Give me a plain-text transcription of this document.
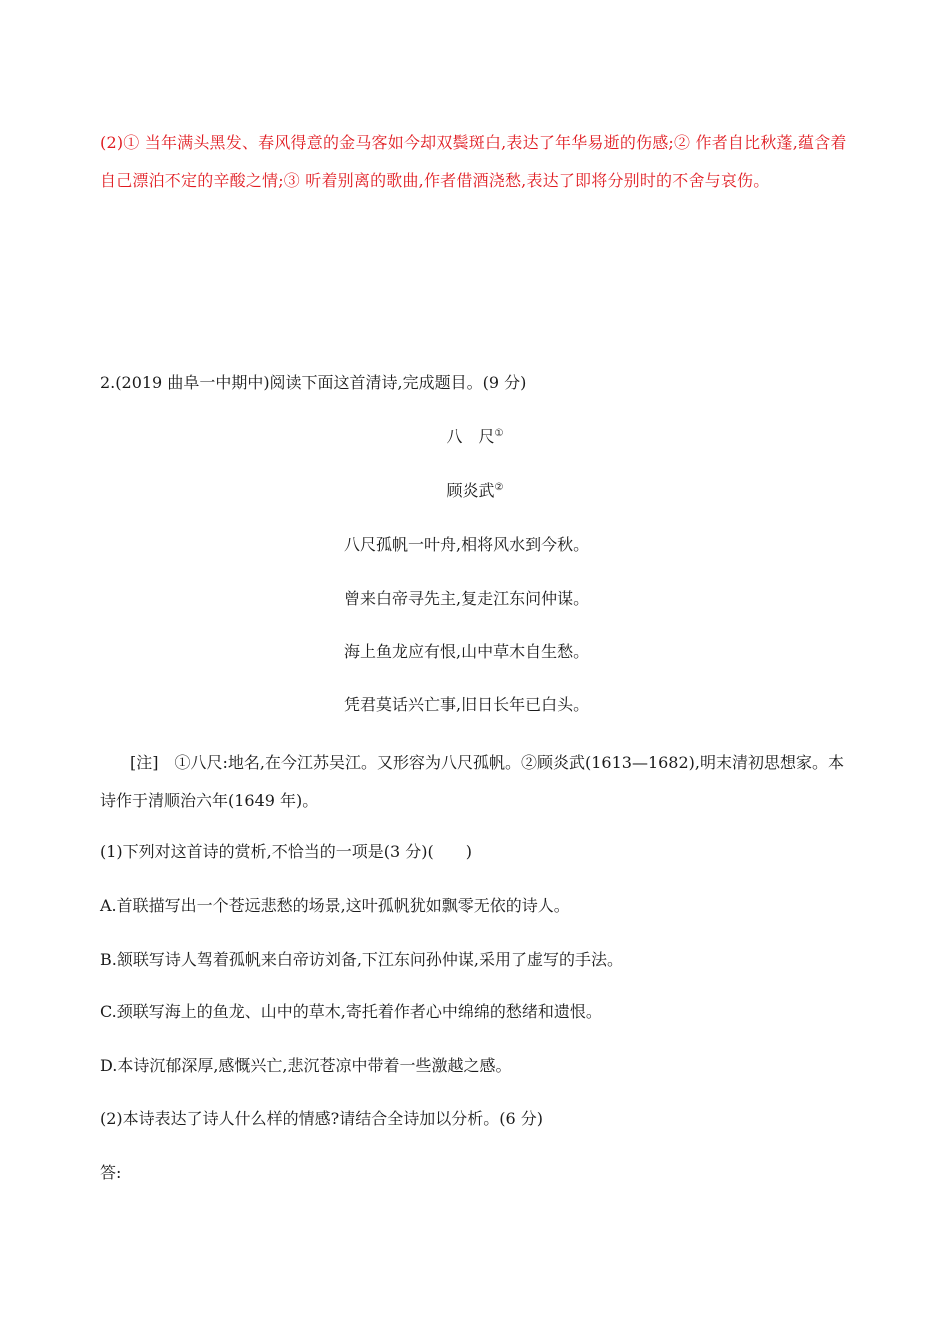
(2)① 当年满头黑发、春风得意的金马客如今却双鬓斑白,表达了年华易逝的伤感;② 作者自比秋蓬,蕴含着自己漂泊不定的辛酸之情;③ 听着别离的歌曲,作者借酒浇愁,表达了即将分别时的不舍与哀伤。

2.(2019 曲阜一中期中)阅读下面这首清诗,完成题目。(9 分)
八　尺①
顾炎武②
八尺孤帆一叶舟,相将风水到今秋。
曾来白帝寻先主,复走江东问仲谋。
海上鱼龙应有恨,山中草木自生愁。
凭君莫话兴亡事,旧日长年已白头。

[注] ①八尺:地名,在今江苏吴江。又形容为八尺孤帆。②顾炎武(1613—1682),明末清初思想家。本诗作于清顺治六年(1649 年)。

(1)下列对这首诗的赏析,不恰当的一项是(3 分)(　　)
A.首联描写出一个苍远悲愁的场景,这叶孤帆犹如飘零无依的诗人。
B.颔联写诗人驾着孤帆来白帝访刘备,下江东问孙仲谋,采用了虚写的手法。
C.颈联写海上的鱼龙、山中的草木,寄托着作者心中绵绵的愁绪和遗恨。
D.本诗沉郁深厚,感慨兴亡,悲沉苍凉中带着一些激越之感。
(2)本诗表达了诗人什么样的情感?请结合全诗加以分析。(6 分)
答:
